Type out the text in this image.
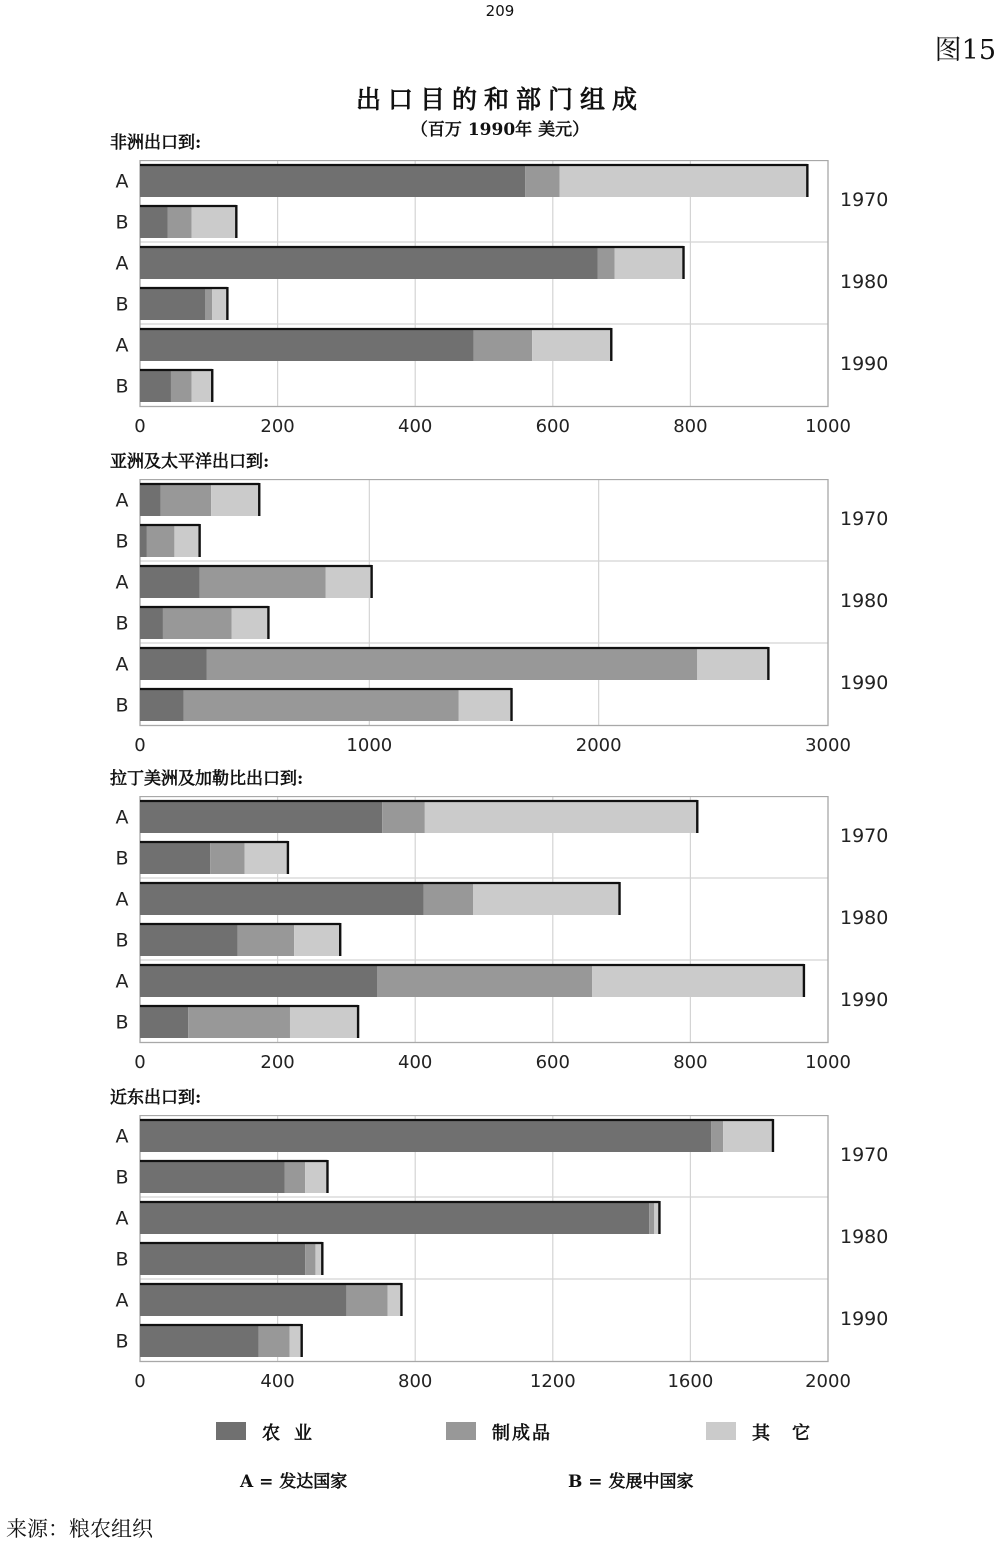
209
图15
出口目的和部门组成
（百万 1990年 美元）
非洲出口到:
0	200	400	600	800	1000
A
B
A
B
A
B
亚洲及太平洋出口到:
0	1000	2000	3000
A
B
A
B
A
B
拉丁美洲及加勒比出口到:
0	200	400	600	800	1000
A
B
A
B
A
B
近东出口到:
0	400	800	1200	1600	2000
A
B
A
B
A
B
1970
1980
1990
1970
1980
1990
1970
1980
1990
1970
1980
1990
农业	制成品	其它
A = 发达国家	B = 发展中国家
来源：粮农组织
